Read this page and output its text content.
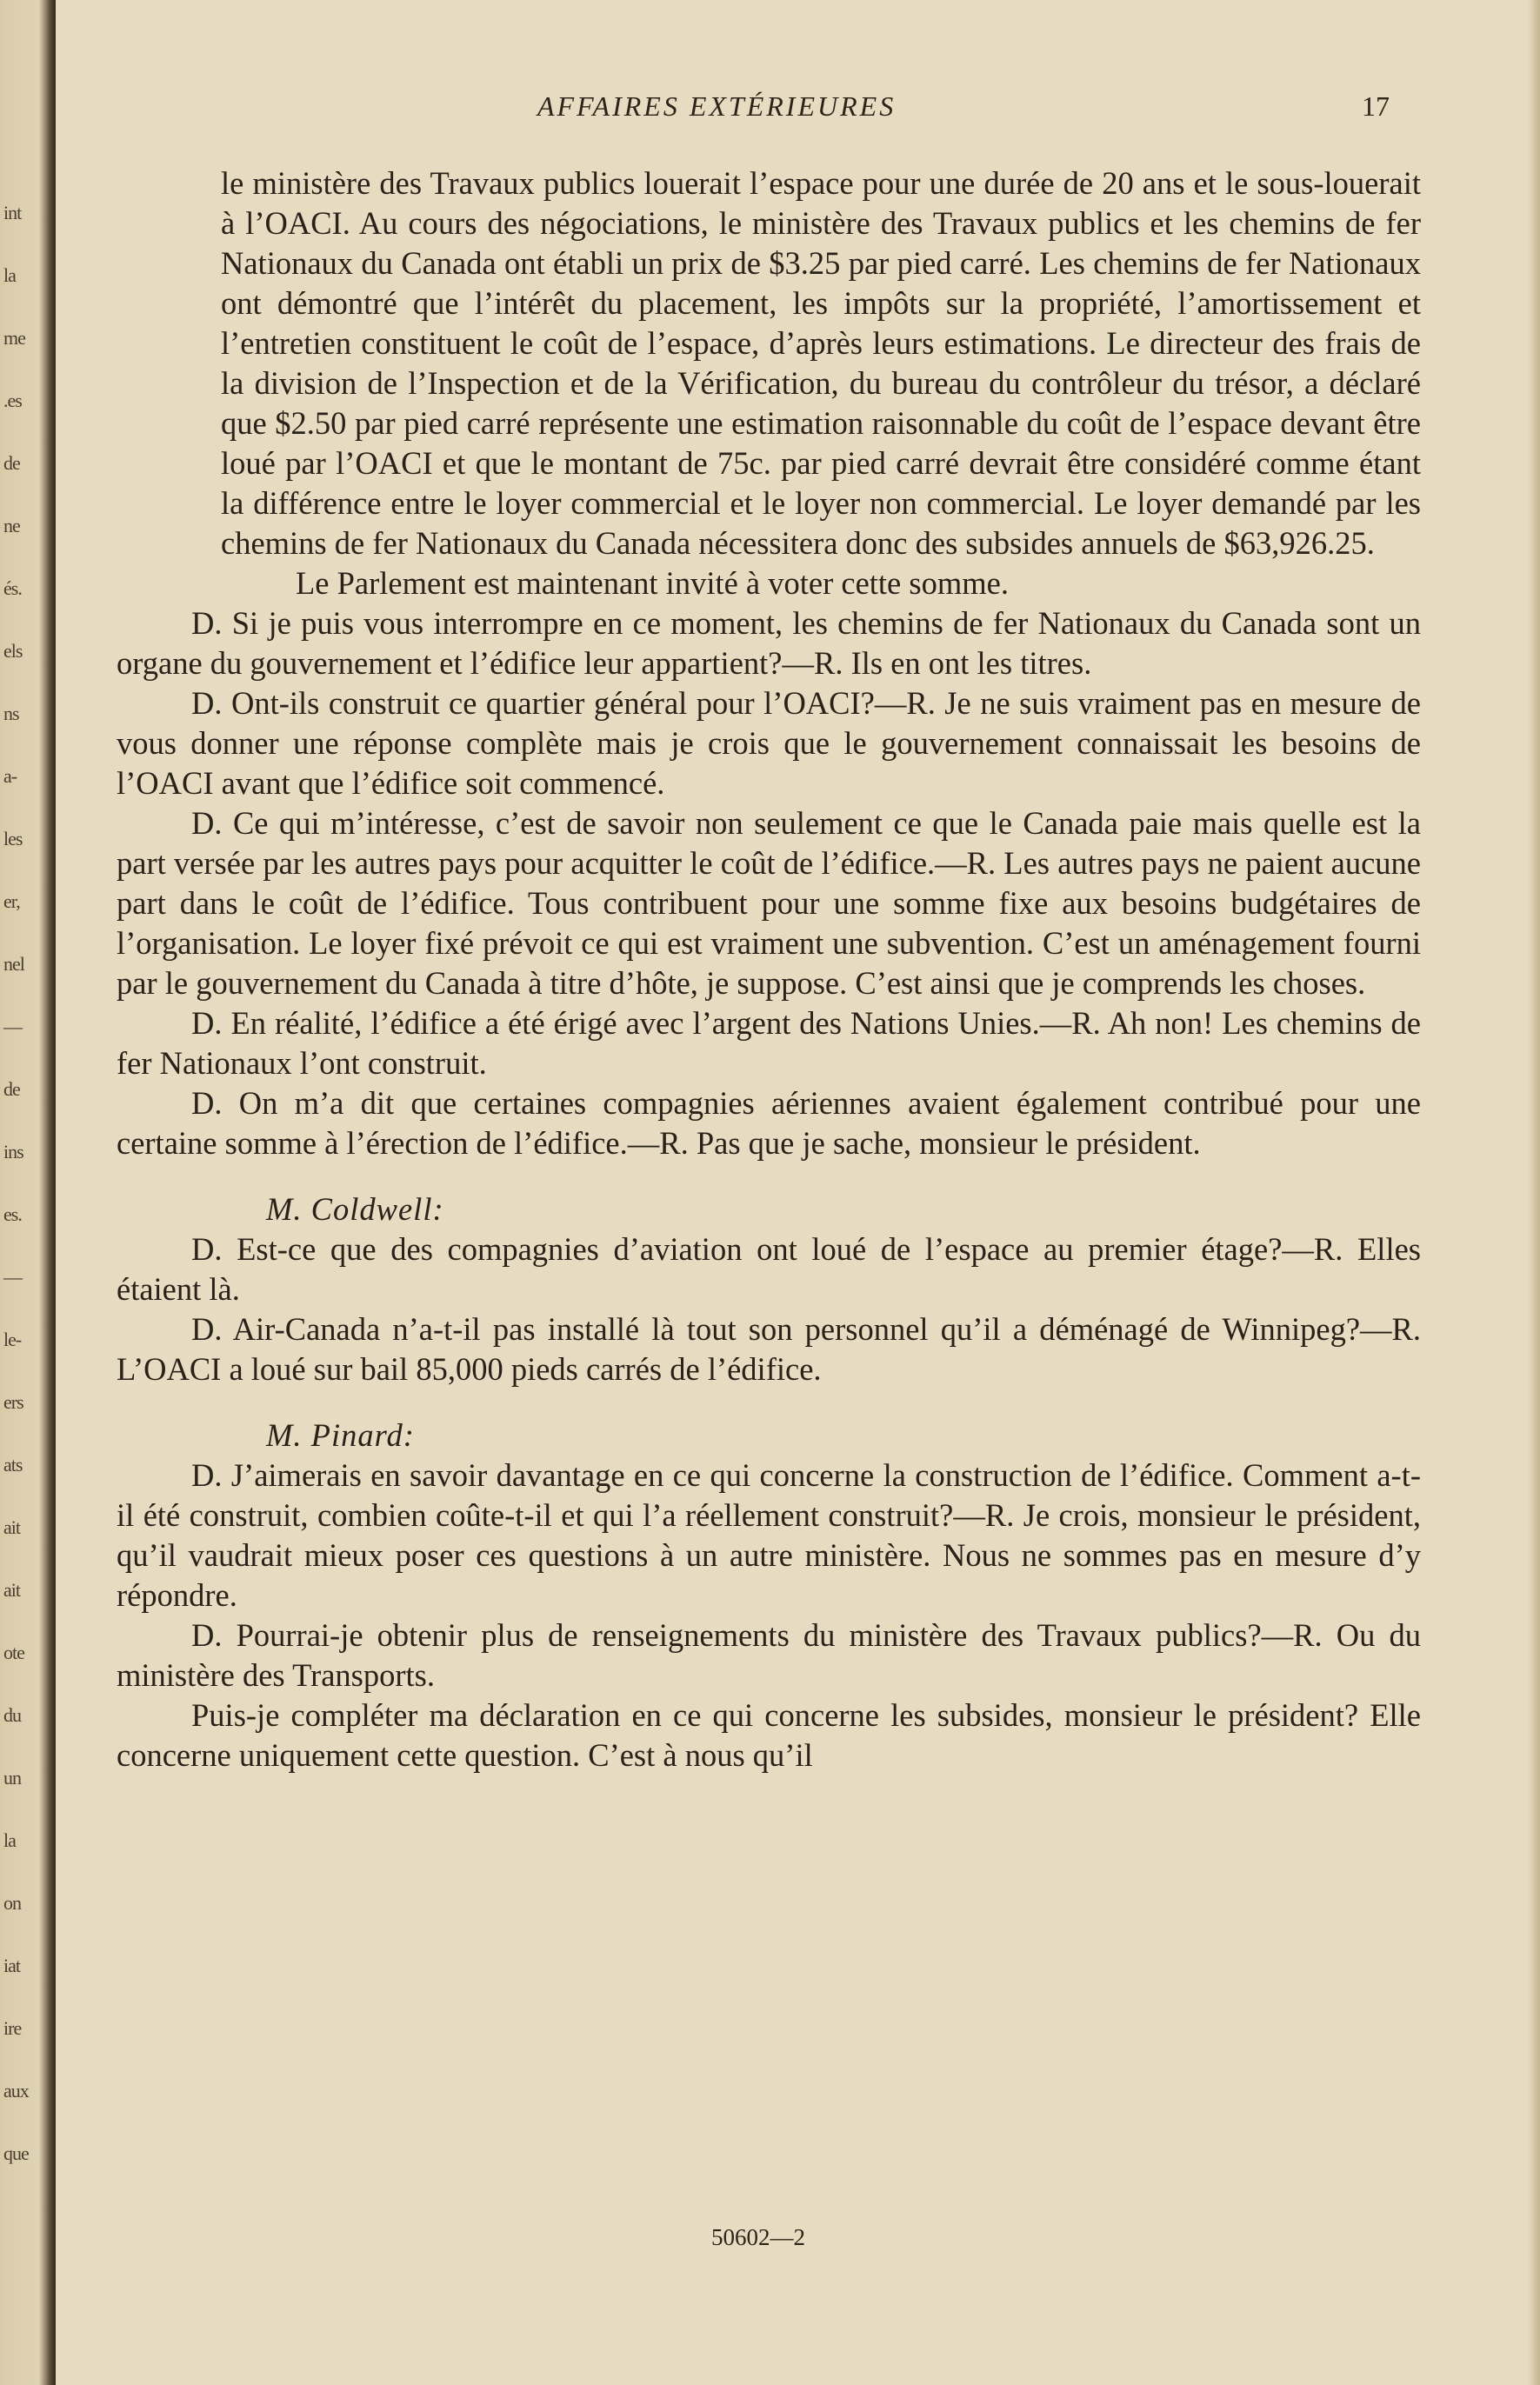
int
la
me
.es
de
ne
és.
els
ns
a-
les
er,
nel
—
de
ins
es.
—
le-
ers
ats
ait
ait
ote
du
un
la
on
iat
ire
aux
que
AFFAIRES EXTÉRIEURES	17

le ministère des Travaux publics louerait l’espace pour une durée de 20 ans et le sous-louerait à l’OACI. Au cours des négociations, le ministère des Travaux publics et les chemins de fer Nationaux du Canada ont établi un prix de $3.25 par pied carré. Les chemins de fer Nationaux ont démontré que l’intérêt du placement, les impôts sur la propriété, l’amortissement et l’entretien constituent le coût de l’espace, d’après leurs estimations. Le directeur des frais de la division de l’Inspection et de la Vérification, du bureau du contrôleur du trésor, a déclaré que $2.50 par pied carré représente une estimation raisonnable du coût de l’espace devant être loué par l’OACI et que le montant de 75c. par pied carré devrait être considéré comme étant la différence entre le loyer commercial et le loyer non commercial. Le loyer demandé par les chemins de fer Nationaux du Canada nécessitera donc des subsides annuels de $63,926.25.

Le Parlement est maintenant invité à voter cette somme.

D. Si je puis vous interrompre en ce moment, les chemins de fer Nationaux du Canada sont un organe du gouvernement et l’édifice leur appartient?—R. Ils en ont les titres.

D. Ont-ils construit ce quartier général pour l’OACI?—R. Je ne suis vraiment pas en mesure de vous donner une réponse complète mais je crois que le gouvernement connaissait les besoins de l’OACI avant que l’édifice soit commencé.

D. Ce qui m’intéresse, c’est de savoir non seulement ce que le Canada paie mais quelle est la part versée par les autres pays pour acquitter le coût de l’édifice.—R. Les autres pays ne paient aucune part dans le coût de l’édifice. Tous contribuent pour une somme fixe aux besoins budgétaires de l’organisation. Le loyer fixé prévoit ce qui est vraiment une subvention. C’est un aménagement fourni par le gouvernement du Canada à titre d’hôte, je suppose. C’est ainsi que je comprends les choses.

D. En réalité, l’édifice a été érigé avec l’argent des Nations Unies.—R. Ah non! Les chemins de fer Nationaux l’ont construit.

D. On m’a dit que certaines compagnies aériennes avaient également contribué pour une certaine somme à l’érection de l’édifice.—R. Pas que je sache, monsieur le président.

M. Coldwell:

D. Est-ce que des compagnies d’aviation ont loué de l’espace au premier étage?—R. Elles étaient là.

D. Air-Canada n’a-t-il pas installé là tout son personnel qu’il a déménagé de Winnipeg?—R. L’OACI a loué sur bail 85,000 pieds carrés de l’édifice.

M. Pinard:

D. J’aimerais en savoir davantage en ce qui concerne la construction de l’édifice. Comment a-t-il été construit, combien coûte-t-il et qui l’a réellement construit?—R. Je crois, monsieur le président, qu’il vaudrait mieux poser ces questions à un autre ministère. Nous ne sommes pas en mesure d’y répondre.

D. Pourrai-je obtenir plus de renseignements du ministère des Travaux publics?—R. Ou du ministère des Transports.

Puis-je compléter ma déclaration en ce qui concerne les subsides, monsieur le président? Elle concerne uniquement cette question. C’est à nous qu’il

50602—2
